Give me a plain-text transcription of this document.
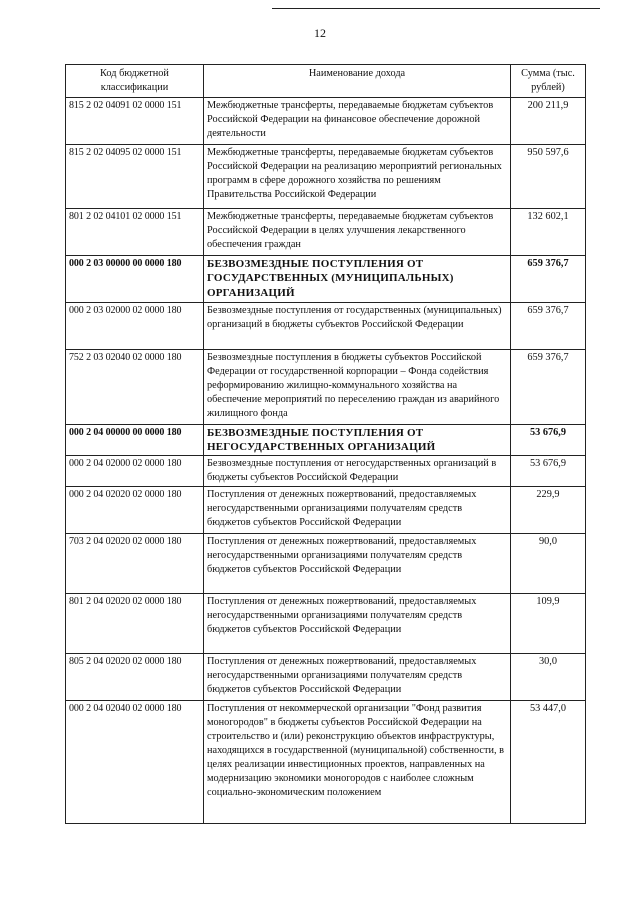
12
Код бюджетной классификации	Наименование дохода	Сумма (тыс. рублей)
815 2 02 04091 02 0000 151	Межбюджетные трансферты, передаваемые бюджетам субъектов Российской Федерации на финансовое обеспечение дорожной деятельности	200 211,9
815 2 02 04095 02 0000 151	Межбюджетные трансферты, передаваемые бюджетам субъектов Российской Федерации на реализацию мероприятий региональных программ в сфере дорожного хозяйства по решениям Правительства Российской Федерации	950 597,6
801 2 02 04101 02 0000 151	Межбюджетные трансферты, передаваемые бюджетам субъектов Российской Федерации в целях улучшения лекарственного обеспечения граждан	132 602,1
000 2 03 00000 00 0000 180	БЕЗВОЗМЕЗДНЫЕ ПОСТУПЛЕНИЯ ОТ ГОСУДАРСТВЕННЫХ (МУНИЦИПАЛЬНЫХ) ОРГАНИЗАЦИЙ	659 376,7
000 2 03 02000 02 0000 180	Безвозмездные поступления от государственных (муниципальных) организаций в бюджеты субъектов Российской Федерации	659 376,7
752 2 03 02040 02 0000 180	Безвозмездные поступления в бюджеты субъектов Российской Федерации от государственной корпорации – Фонда содействия реформированию жилищно-коммунального хозяйства на обеспечение мероприятий по переселению граждан из аварийного жилищного фонда	659 376,7
000 2 04 00000 00 0000 180	БЕЗВОЗМЕЗДНЫЕ ПОСТУПЛЕНИЯ ОТ НЕГОСУДАРСТВЕННЫХ ОРГАНИЗАЦИЙ	53 676,9
000 2 04 02000 02 0000 180	Безвозмездные поступления от негосударственных организаций в бюджеты субъектов Российской Федерации	53 676,9
000 2 04 02020 02 0000 180	Поступления от денежных пожертвований, предоставляемых негосударственными организациями получателям средств бюджетов субъектов Российской Федерации	229,9
703 2 04 02020 02 0000 180	Поступления от денежных пожертвований, предоставляемых негосударственными организациями получателям средств бюджетов субъектов Российской Федерации	90,0
801 2 04 02020 02 0000 180	Поступления от денежных пожертвований, предоставляемых негосударственными организациями получателям средств бюджетов субъектов Российской Федерации	109,9
805 2 04 02020 02 0000 180	Поступления от денежных пожертвований, предоставляемых негосударственными организациями получателям средств бюджетов субъектов Российской Федерации	30,0
000 2 04 02040 02 0000 180	Поступления от некоммерческой организации "Фонд развития моногородов" в бюджеты субъектов Российской Федерации на строительство и (или) реконструкцию объектов инфраструктуры, находящихся в государственной (муниципальной) собственности, в целях реализации инвестиционных проектов, направленных на модернизацию экономики моногородов с наиболее сложным социально-экономическим положением	53 447,0
